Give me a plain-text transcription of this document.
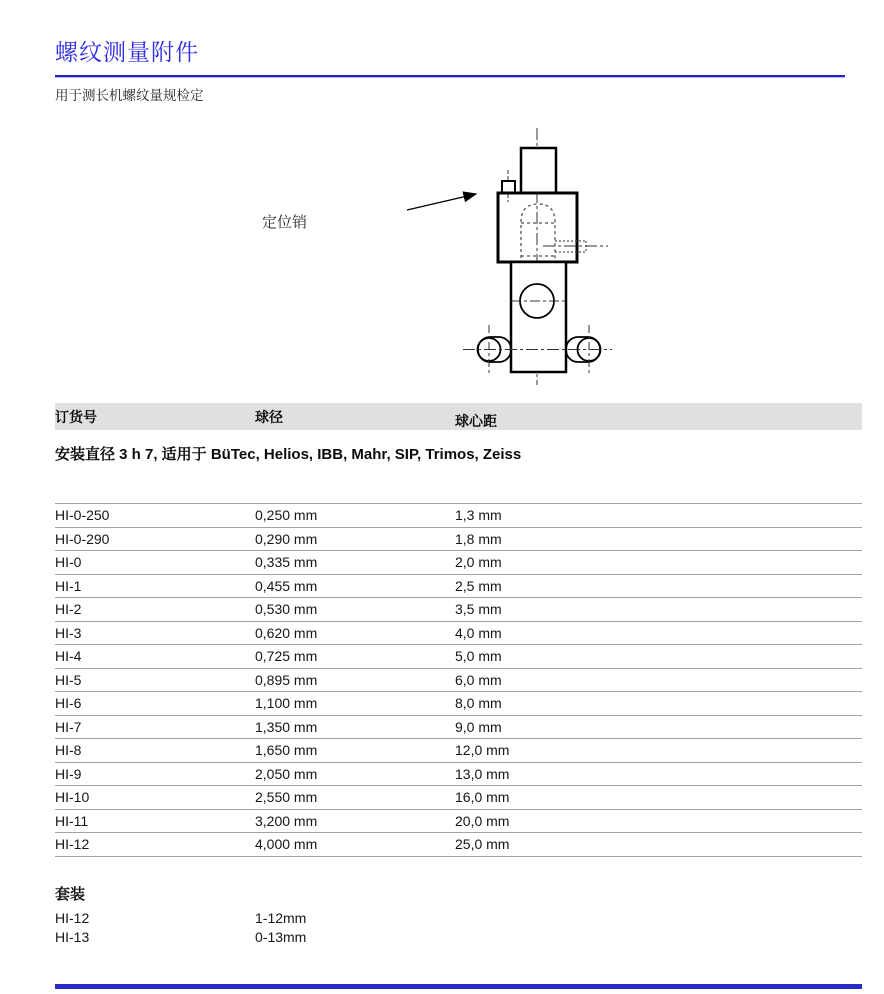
螺纹测量附件
用于测长机螺纹量规检定
定位销
订货号	球径	球心距
安装直径 3 h 7, 适用于 BüTec, Helios, IBB, Mahr, SIP, Trimos, Zeiss
HI-0-250	0,250 mm	1,3 mm
HI-0-290	0,290 mm	1,8 mm
HI-0	0,335 mm	2,0 mm
HI-1	0,455 mm	2,5 mm
HI-2	0,530 mm	3,5 mm
HI-3	0,620 mm	4,0 mm
HI-4	0,725 mm	5,0 mm
HI-5	0,895 mm	6,0 mm
HI-6	1,100 mm	8,0 mm
HI-7	1,350 mm	9,0 mm
HI-8	1,650 mm	12,0 mm
HI-9	2,050 mm	13,0 mm
HI-10	2,550 mm	16,0 mm
HI-11	3,200 mm	20,0 mm
HI-12	4,000 mm	25,0 mm
套装
HI-12	1-12mm
HI-13	0-13mm
